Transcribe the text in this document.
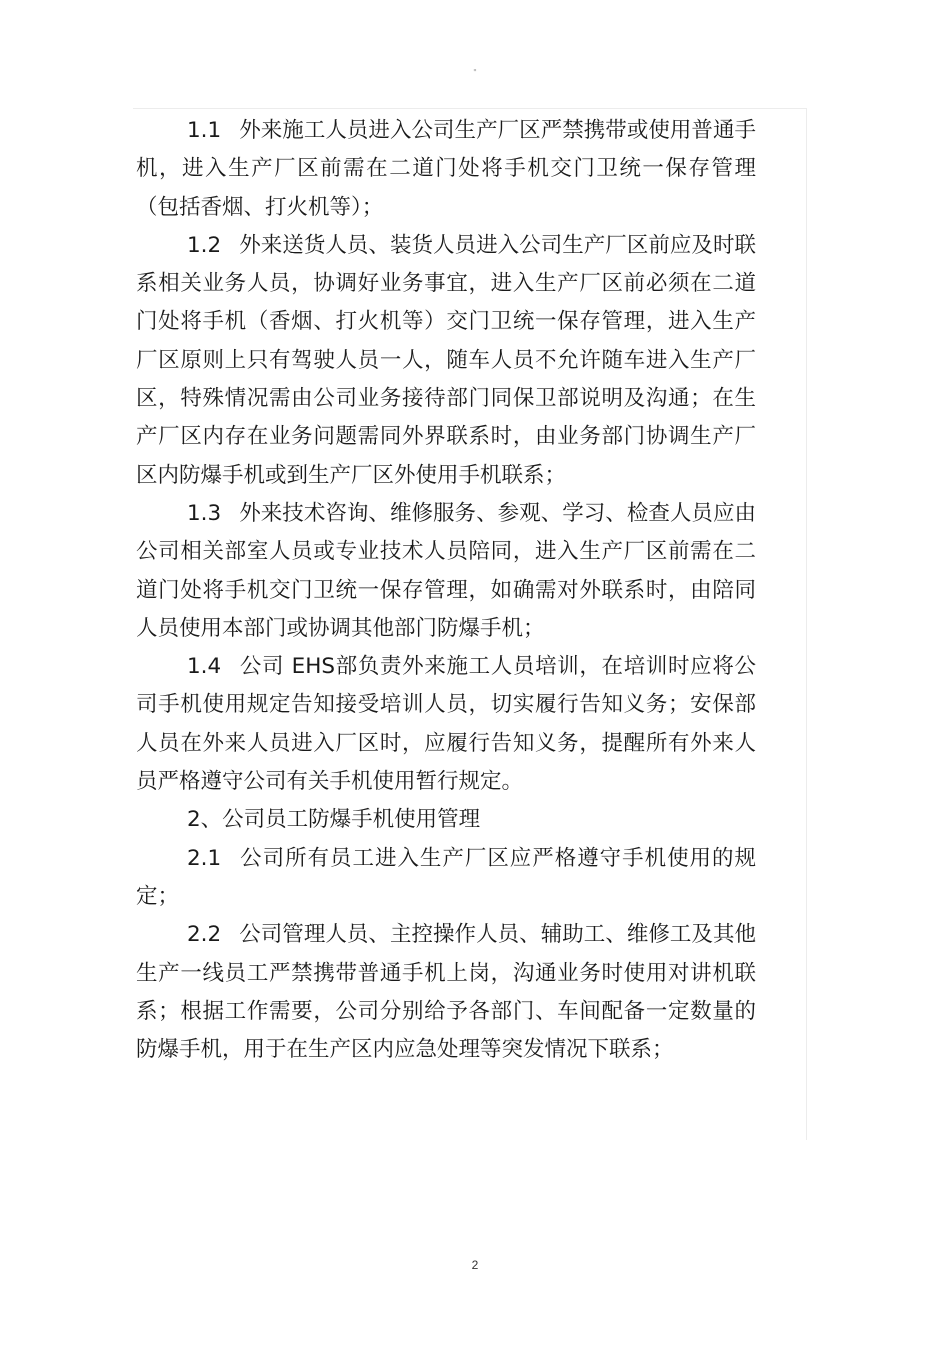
"

1.1 外来施工人员进入公司生产厂区严禁携带或使用普通手机，进入生产厂区前需在二道门处将手机交门卫统一保存管理（包括香烟、打火机等）；

1.2 外来送货人员、装货人员进入公司生产厂区前应及时联系相关业务人员，协调好业务事宜，进入生产厂区前必须在二道门处将手机（香烟、打火机等）交门卫统一保存管理，进入生产厂区原则上只有驾驶人员一人，随车人员不允许随车进入生产厂区，特殊情况需由公司业务接待部门同保卫部说明及沟通；在生产厂区内存在业务问题需同外界联系时，由业务部门协调生产厂区内防爆手机或到生产厂区外使用手机联系；

1.3 外来技术咨询、维修服务、参观、学习、检查人员应由公司相关部室人员或专业技术人员陪同，进入生产厂区前需在二道门处将手机交门卫统一保存管理，如确需对外联系时，由陪同人员使用本部门或协调其他部门防爆手机；

1.4 公司 EHS部负责外来施工人员培训，在培训时应将公司手机使用规定告知接受培训人员，切实履行告知义务；安保部人员在外来人员进入厂区时，应履行告知义务，提醒所有外来人员严格遵守公司有关手机使用暂行规定。

2、公司员工防爆手机使用管理

2.1 公司所有员工进入生产厂区应严格遵守手机使用的规定；

2.2 公司管理人员、主控操作人员、辅助工、维修工及其他生产一线员工严禁携带普通手机上岗，沟通业务时使用对讲机联系；根据工作需要，公司分别给予各部门、车间配备一定数量的防爆手机，用于在生产区内应急处理等突发情况下联系；

2
